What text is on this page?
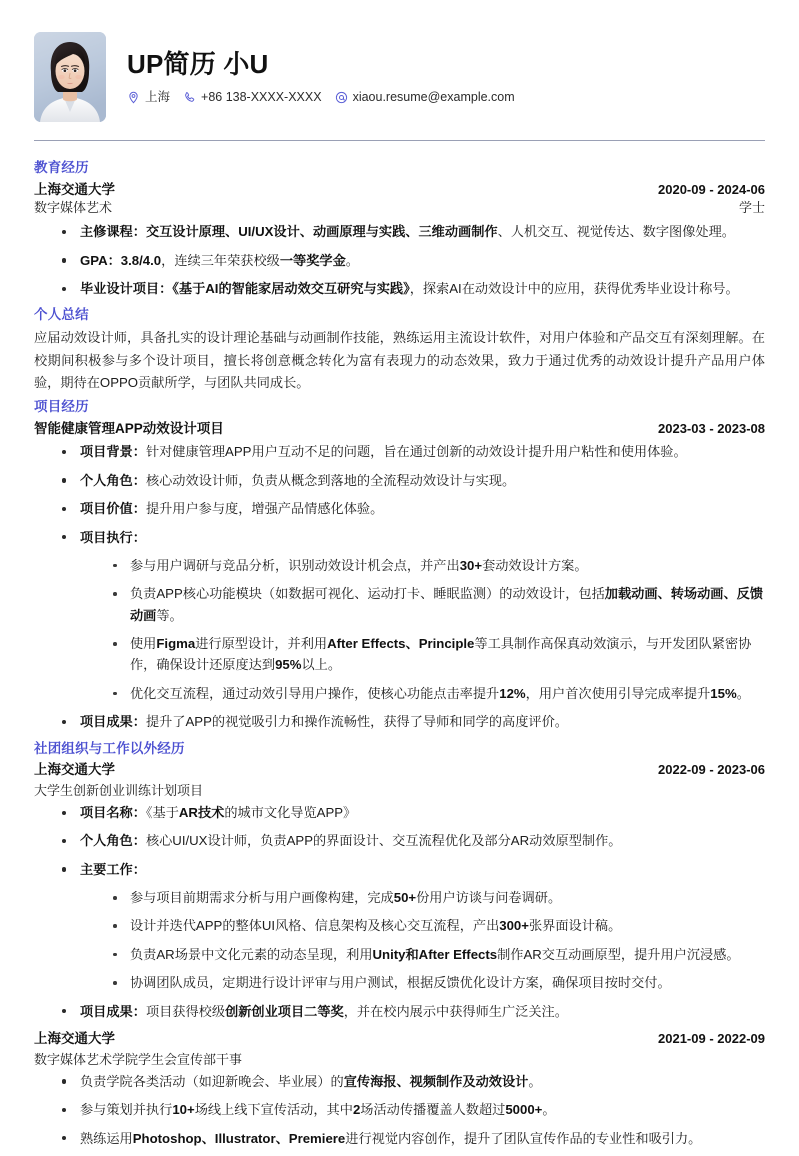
UP简历 小U
上海 +86 138-XXXX-XXXX xiaou.resume@example.com
教育经历
上海交通大学	2020-09 - 2024-06
数字媒体艺术	学士
主修课程：交互设计原理、UI/UX设计、动画原理与实践、三维动画制作、人机交互、视觉传达、数字图像处理。
GPA：3.8/4.0，连续三年荣获校级一等奖学金。
毕业设计项目：《基于AI的智能家居动效交互研究与实践》，探索AI在动效设计中的应用，获得优秀毕业设计称号。
个人总结

应届动效设计师，具备扎实的设计理论基础与动画制作技能，熟练运用主流设计软件，对用户体验和产品交互有深刻理解。在校期间积极参与多个设计项目，擅长将创意概念转化为富有表现力的动态效果，致力于通过优秀的动效设计提升产品用户体验，期待在OPPO贡献所学，与团队共同成长。

项目经历
智能健康管理APP动效设计项目	2023-03 - 2023-08
项目背景：针对健康管理APP用户互动不足的问题，旨在通过创新的动效设计提升用户粘性和使用体验。
个人角色：核心动效设计师，负责从概念到落地的全流程动效设计与实现。
项目价值：提升用户参与度，增强产品情感化体验。
项目执行：
参与用户调研与竞品分析，识别动效设计机会点，并产出30+套动效设计方案。
负责APP核心功能模块（如数据可视化、运动打卡、睡眠监测）的动效设计，包括加载动画、转场动画、反馈动画等。
使用Figma进行原型设计，并利用After Effects、Principle等工具制作高保真动效演示，与开发团队紧密协作，确保设计还原度达到95%以上。
优化交互流程，通过动效引导用户操作，使核心功能点击率提升12%，用户首次使用引导完成率提升15%。
项目成果：提升了APP的视觉吸引力和操作流畅性，获得了导师和同学的高度评价。
社团组织与工作以外经历
上海交通大学	2022-09 - 2023-06
大学生创新创业训练计划项目
项目名称：《基于AR技术的城市文化导览APP》
个人角色：核心UI/UX设计师，负责APP的界面设计、交互流程优化及部分AR动效原型制作。
主要工作：
参与项目前期需求分析与用户画像构建，完成50+份用户访谈与问卷调研。
设计并迭代APP的整体UI风格、信息架构及核心交互流程，产出300+张界面设计稿。
负责AR场景中文化元素的动态呈现，利用Unity和After Effects制作AR交互动画原型，提升用户沉浸感。
协调团队成员，定期进行设计评审与用户测试，根据反馈优化设计方案，确保项目按时交付。
项目成果：项目获得校级创新创业项目二等奖，并在校内展示中获得师生广泛关注。
上海交通大学	2021-09 - 2022-09
数字媒体艺术学院学生会宣传部干事
负责学院各类活动（如迎新晚会、毕业展）的宣传海报、视频制作及动效设计。
参与策划并执行10+场线上线下宣传活动，其中2场活动传播覆盖人数超过5000+。
熟练运用Photoshop、Illustrator、Premiere进行视觉内容创作，提升了团队宣传作品的专业性和吸引力。
